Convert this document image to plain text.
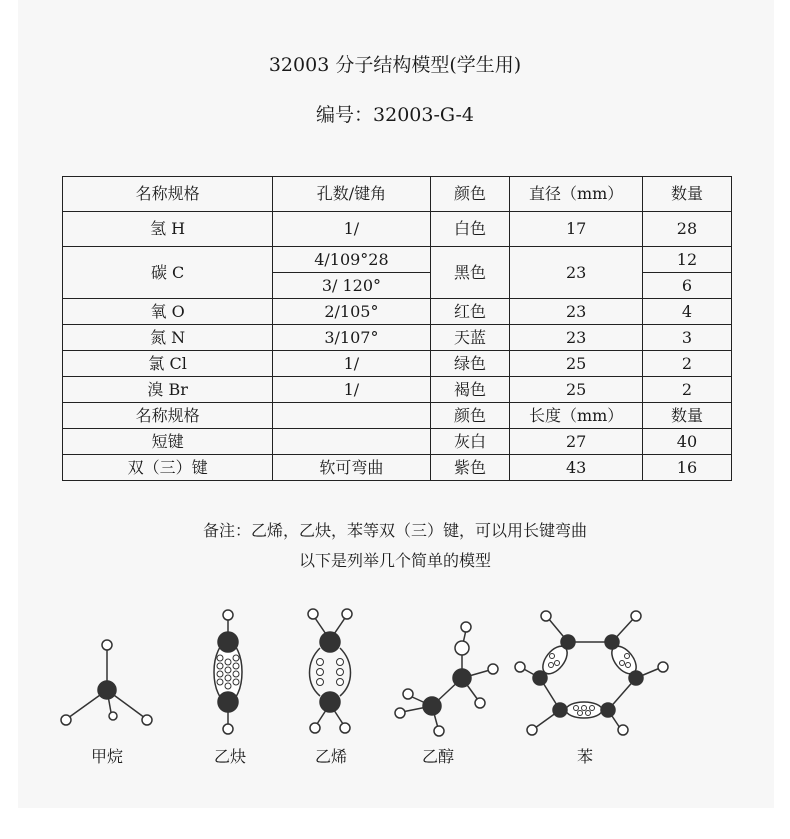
32003 分子结构模型(学生用)
编号：32003-G-4
名称规格	孔数/键角	颜色	直径（mm）	数量
氢 H	1/	白色	17	28
碳 C	4/109°28	黑色	23	12
	3/ 120°			6
氧 O	2/105°	红色	23	4
氮 N	3/107°	天蓝	23	3
氯 Cl	1/	绿色	25	2
溴 Br	1/	褐色	25	2
名称规格		颜色	长度（mm）	数量
短键		灰白	27	40
双（三）键	软可弯曲	紫色	43	16
备注：乙烯，乙炔，苯等双（三）键，可以用长键弯曲
以下是列举几个简单的模型
甲烷	乙炔	乙烯	乙醇	苯
